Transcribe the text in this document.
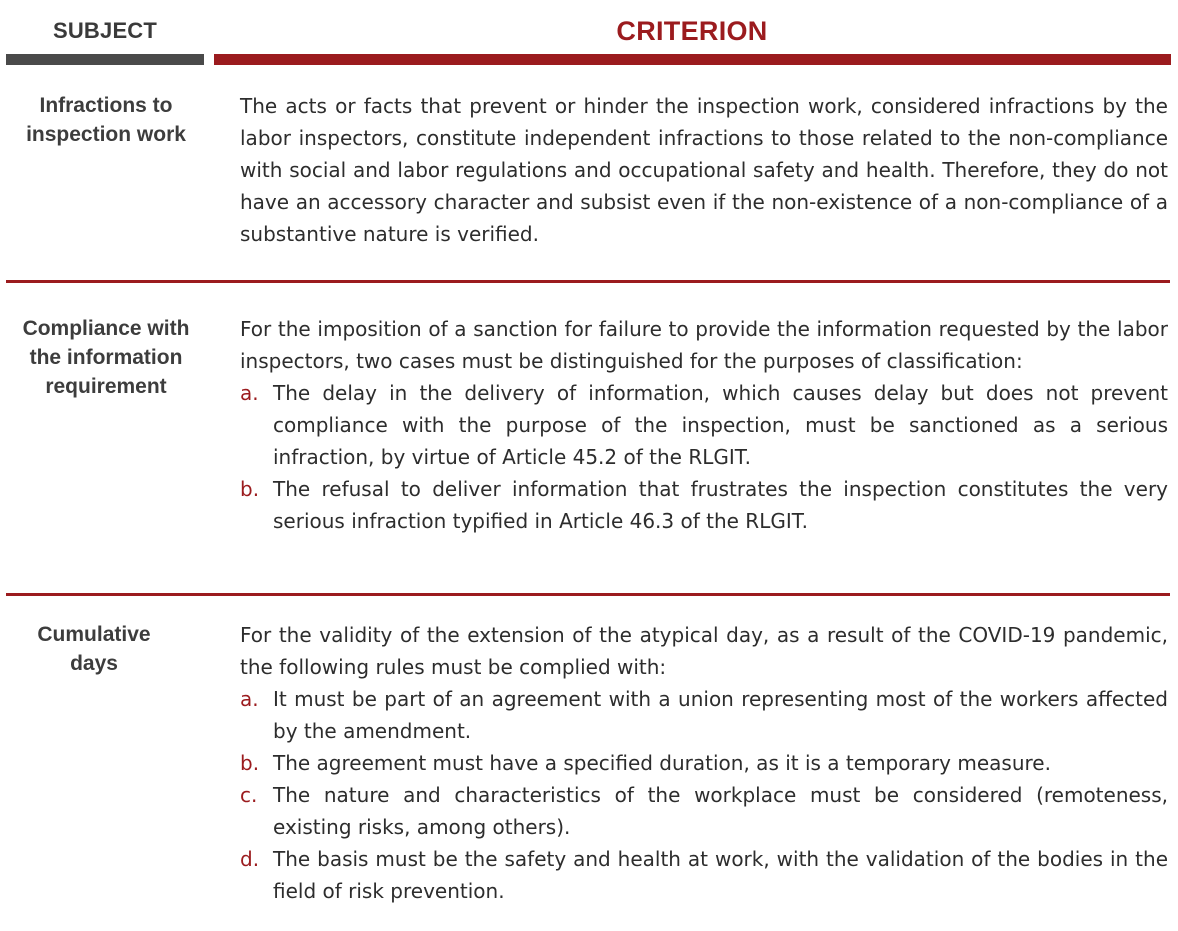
SUBJECT	CRITERION
Infractions to
inspection work

The acts or facts that prevent or hinder the inspection work, considered infractions by the labor inspectors, constitute independent infractions to those related to the non-compliance with social and labor regulations and occupational safety and health. Therefore, they do not have an accessory character and subsist even if the non-existence of a non-compliance of a substantive nature is verified.

Compliance with
the information
requirement

For the imposition of a sanction for failure to provide the information requested by the labor inspectors, two cases must be distinguished for the purposes of classification:

a. The delay in the delivery of information, which causes delay but does not prevent compliance with the purpose of the inspection, must be sanctioned as a serious infraction, by virtue of Article 45.2 of the RLGIT.
b. The refusal to deliver information that frustrates the inspection constitutes the very serious infraction typified in Article 46.3 of the RLGIT.
Cumulative
days

For the validity of the extension of the atypical day, as a result of the COVID-19 pandemic, the following rules must be complied with:

a. It must be part of an agreement with a union representing most of the workers affected by the amendment.
b. The agreement must have a specified duration, as it is a temporary measure.
c. The nature and characteristics of the workplace must be considered (remoteness, existing risks, among others).
d. The basis must be the safety and health at work, with the validation of the bodies in the field of risk prevention.
